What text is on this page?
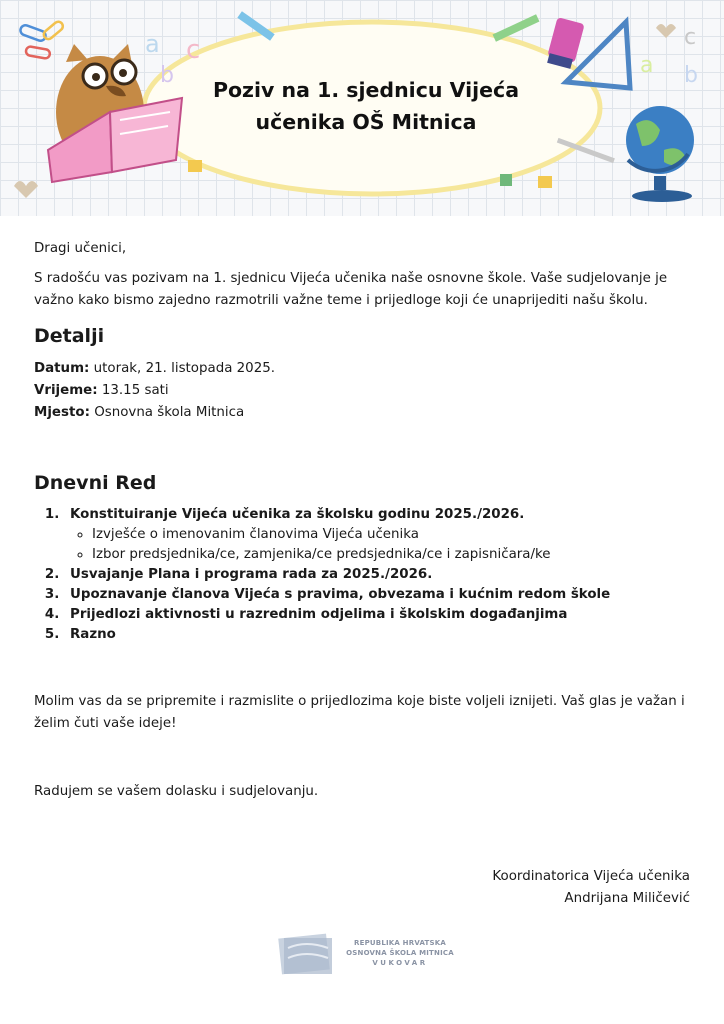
a
b
c
a b
c
Poziv na 1. sjednicu Vijeća
učenika OŠ Mitnica

Dragi učenici,

S radošću vas pozivam na 1. sjednicu Vijeća učenika naše osnovne škole. Vaše sudjelovanje je važno kako bismo zajedno razmotrili važne teme i prijedloge koji će unaprijediti našu školu.

Detalji

Datum: utorak, 21. listopada 2025.

Vrijeme: 13.15 sati

Mjesto: Osnovna škola Mitnica

Dnevni Red
1. Konstituiranje Vijeća učenika za školsku godinu 2025./2026.
◦ Izvješće o imenovanim članovima Vijeća učenika
◦ Izbor predsjednika/ce, zamjenika/ce predsjednika/ce i zapisničara/ke
2. Usvajanje Plana i programa rada za 2025./2026.
3. Upoznavanje članova Vijeća s pravima, obvezama i kućnim redom škole
4. Prijedlozi aktivnosti u razrednim odjelima i školskim događanjima
5. Razno

Molim vas da se pripremite i razmislite o prijedlozima koje biste voljeli iznijeti. Vaš glas je važan i želim čuti vaše ideje!

Radujem se vašem dolasku i sudjelovanju.

Koordinatorica Vijeća učenika
Andrijana Miličević
REPUBLIKA HRVATSKA
OSNOVNA ŠKOLA MITNICA
VUKOVAR
